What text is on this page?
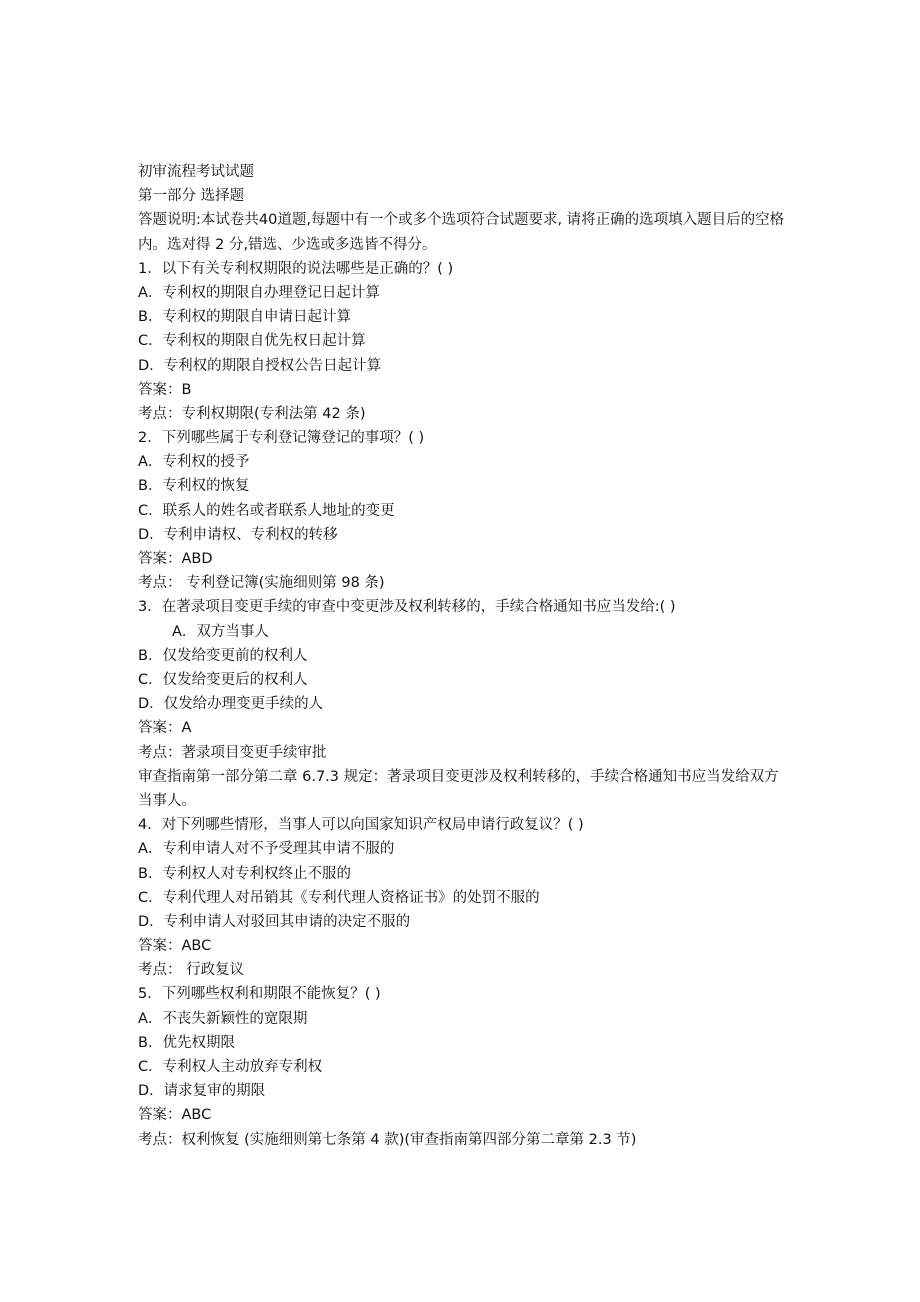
初审流程考试试题
第一部分 选择题
答题说明:本试卷共40道题,每题中有一个或多个选项符合试题要求, 请将正确的选项填入题目后的空格内。选对得 2 分,错选、少选或多选皆不得分。
1．以下有关专利权期限的说法哪些是正确的？( )
A．专利权的期限自办理登记日起计算
B．专利权的期限自申请日起计算
C．专利权的期限自优先权日起计算
D．专利权的期限自授权公告日起计算
答案：B
考点：专利权期限(专利法第 42 条)
2．下列哪些属于专利登记簿登记的事项？( )
A．专利权的授予
B．专利权的恢复
C．联系人的姓名或者联系人地址的变更
D．专利申请权、专利权的转移
答案：ABD
考点： 专利登记簿(实施细则第 98 条)
3．在著录项目变更手续的审查中变更涉及权利转移的，手续合格通知书应当发给:( )
A．双方当事人
B．仅发给变更前的权利人
C．仅发给变更后的权利人
D．仅发给办理变更手续的人
答案：A
考点：著录项目变更手续审批
审查指南第一部分第二章 6.7.3 规定：著录项目变更涉及权利转移的，手续合格通知书应当发给双方当事人。
4．对下列哪些情形，当事人可以向国家知识产权局申请行政复议？( )
A．专利申请人对不予受理其申请不服的
B．专利权人对专利权终止不服的
C．专利代理人对吊销其《专利代理人资格证书》的处罚不服的
D．专利申请人对驳回其申请的决定不服的
答案：ABC
考点： 行政复议
5．下列哪些权利和期限不能恢复？( )
A．不丧失新颖性的宽限期
B．优先权期限
C．专利权人主动放弃专利权
D．请求复审的期限
答案：ABC
考点：权利恢复 (实施细则第七条第 4 款)(审查指南第四部分第二章第 2.3 节)
